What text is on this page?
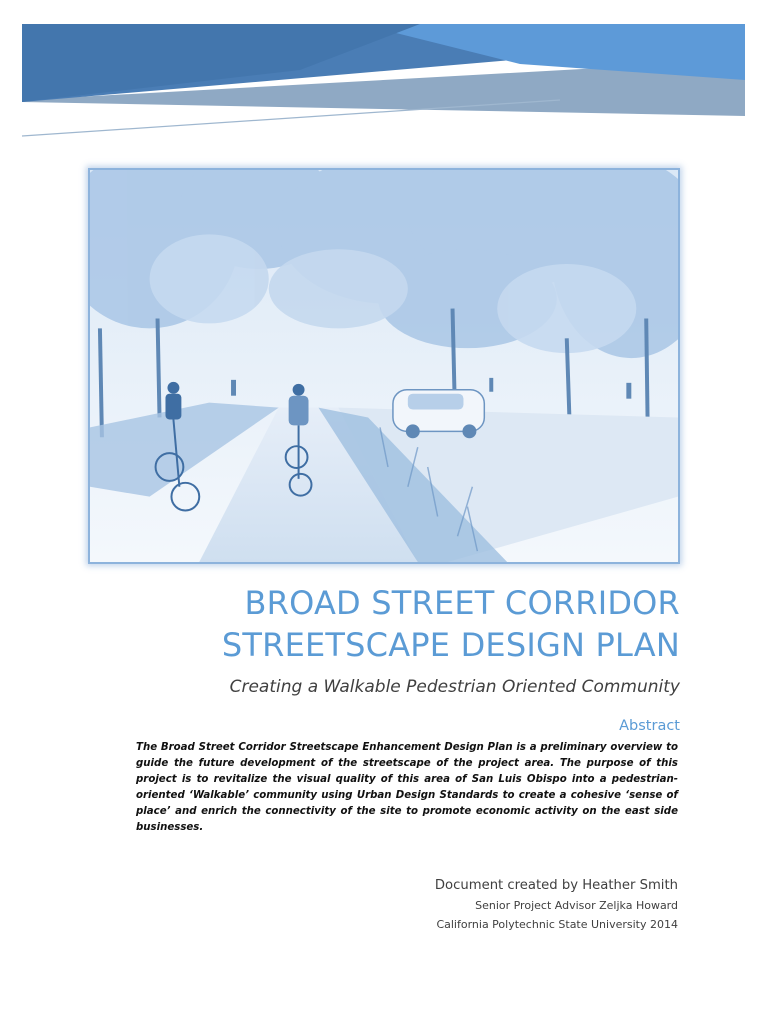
BROAD STREET CORRIDOR
STREETSCAPE DESIGN PLAN
Creating a Walkable Pedestrian Oriented Community
Abstract

The Broad Street Corridor Streetscape Enhancement Design Plan is a preliminary overview to guide the future development of the streetscape of the project area. The purpose of this project is to revitalize the visual quality of this area of San Luis Obispo into a pedestrian-oriented ‘Walkable’ community using Urban Design Standards to create a cohesive ‘sense of place’ and enrich the connectivity of the site to promote economic activity on the east side businesses.

Document created by Heather Smith
Senior Project Advisor Zeljka Howard
California Polytechnic State University 2014
